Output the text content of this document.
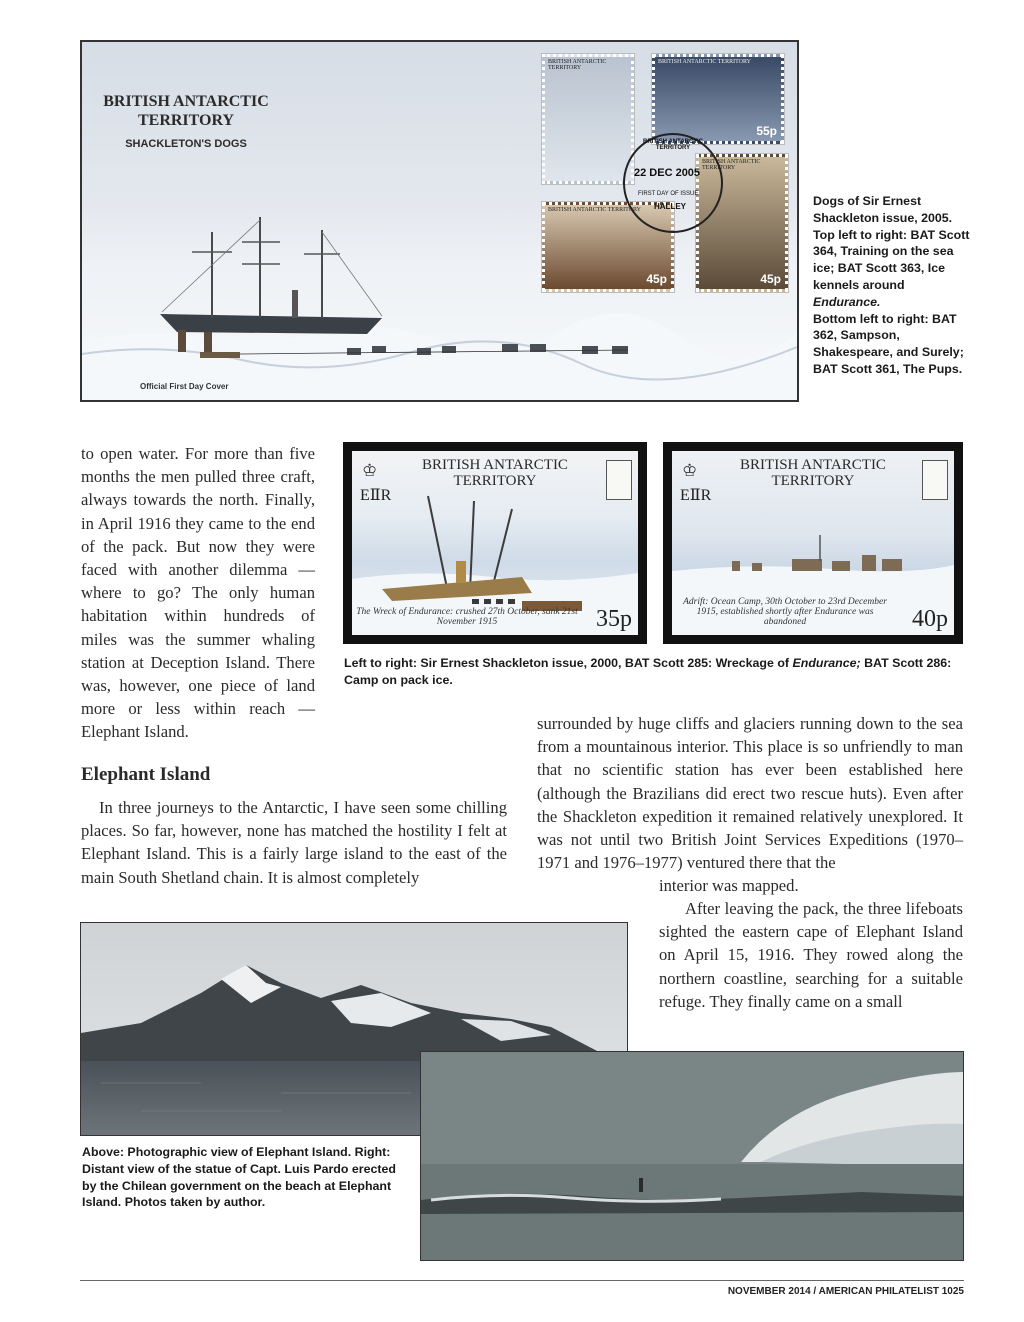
BRITISH ANTARCTIC TERRITORY
SHACKLETON'S DOGS
Official First Day Cover
BRITISH ANTARCTIC TERRITORY
BRITISH ANTARCTIC TERRITORY
55p
BRITISH ANTARCTIC TERRITORY
45p
BRITISH ANTARCTIC TERRITORY
45p
22 DEC 2005
FIRST DAY OF ISSUE
HALLEY
BRITISH ANTARCTIC TERRITORY
Dogs of Sir Ernest Shackleton issue, 2005. Top left to right: BAT Scott 364, Training on the sea ice; BAT Scott 363, Ice kennels around Endurance.
Bottom left to right: BAT 362, Sampson, Shakespeare, and Surely; BAT Scott 361, The Pups.
♔
EⅡR
BRITISH ANTARCTIC
TERRITORY
The Wreck of Endurance: crushed 27th October, sank 21st November 1915	35p
♔
EⅡR
BRITISH ANTARCTIC
TERRITORY
Adrift: Ocean Camp, 30th October to 23rd December 1915, established shortly after Endurance was abandoned	40p
Left to right: Sir Ernest Shackleton issue, 2000, BAT Scott 285: Wreckage of Endurance; BAT Scott 286: Camp on pack ice.
to open water. For more than five months the men pulled three craft, always towards the north. Finally, in April 1916 they came to the end of the pack. But now they were faced with another dilemma — where to go? The only human habitation within hundreds of miles was the summer whaling station at Deception Island. There was, however, one piece of land more or less within reach — Elephant Island.
Elephant Island
In three journeys to the Antarctic, I have seen some chilling places. So far, however, none has matched the hostility I felt at Elephant Island. This is a fairly large island to the east of the main South Shetland chain. It is almost completely
surrounded by huge cliffs and glaciers running down to the sea from a mountainous interior. This place is so unfriendly to man that no scientific station has ever been established here (although the Brazilians did erect two rescue huts). Even after the Shackleton expedition it remained relatively unexplored. It was not until two British Joint Services Expeditions (1970–1971 and 1976–1977) ventured there that the
interior was mapped.
After leaving the pack, the three lifeboats sighted the eastern cape of Elephant Island on April 15, 1916. They rowed along the northern coastline, searching for a suitable refuge. They finally came on a small
Above: Photographic view of Elephant Island. Right: Distant view of the statue of Capt. Luis Pardo erected by the Chilean government on the beach at Elephant Island. Photos taken by author.
NOVEMBER 2014 / AMERICAN PHILATELIST 1025
